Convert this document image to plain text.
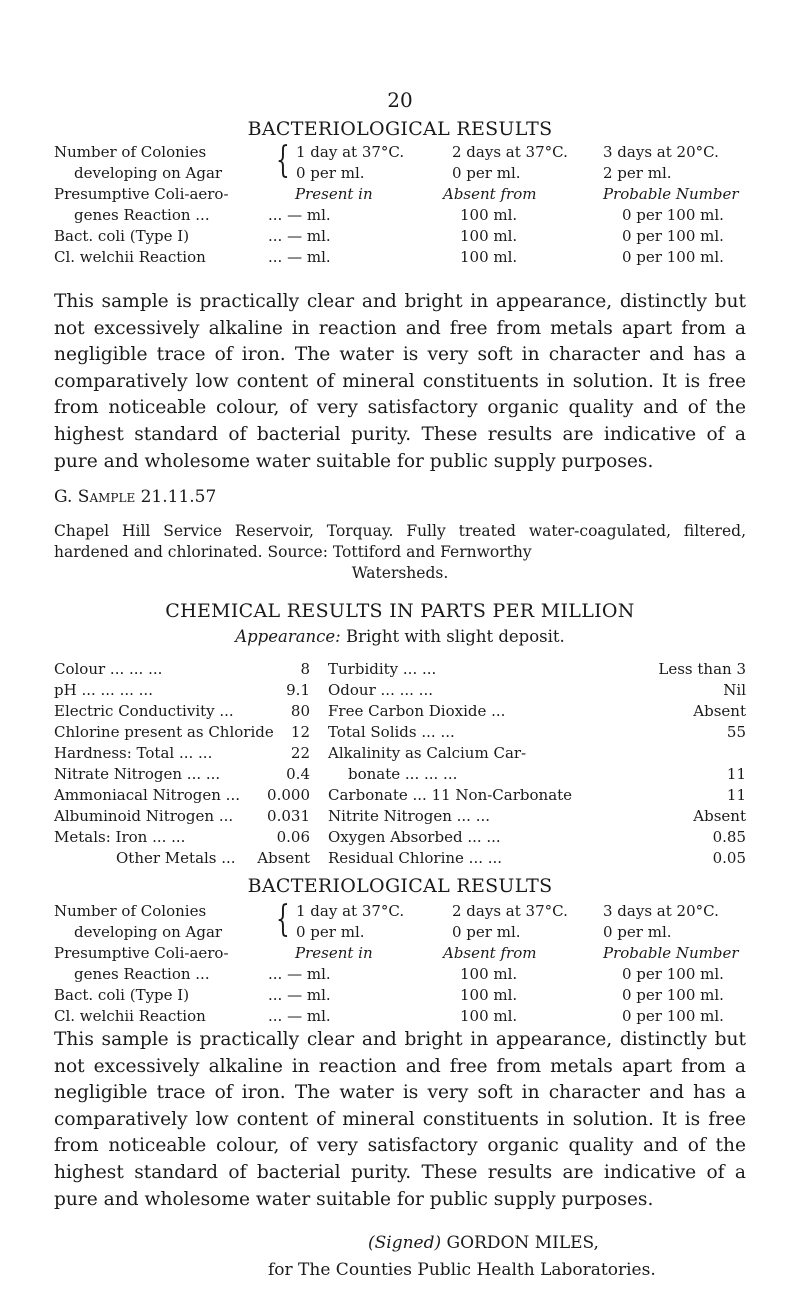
20
BACTERIOLOGICAL RESULTS
{
Number of Colonies	1 day at 37°C.	2 days at 37°C. 3 days at 20°C.
developing on Agar	0 per ml.	0 per ml.	2 per ml.
Presumptive Coli-aero-	Present in	Absent from	Probable Number
genes Reaction ...	... — ml.	100 ml.	0 per 100 ml.
Bact. coli (Type I)	... — ml.	100 ml.	0 per 100 ml.
Cl. welchii Reaction	... — ml.	100 ml.	0 per 100 ml.
This sample is practically clear and bright in appearance, distinctly but not excessively alkaline in reaction and free from metals apart from a negligible trace of iron. The water is very soft in character and has a comparatively low content of mineral constituents in solution. It is free from noticeable colour, of very satisfactory organic quality and of the highest standard of bacterial purity. These results are indicative of a pure and wholesome water suitable for public supply purposes.
G. Sample 21.11.57
Chapel Hill Service Reservoir, Torquay. Fully treated water-coagulated, filtered, hardened and chlorinated. Source: Tottiford and Fernworthy
Watersheds.
CHEMICAL RESULTS IN PARTS PER MILLION
Appearance: Bright with slight deposit.
Colour ... ... ...	8
pH ... ... ... ...	9.1
Electric Conductivity ...	80
Chlorine present as Chloride 12
Hardness: Total ... ...	22
Nitrate Nitrogen ... ...	0.4
Ammoniacal Nitrogen ... 0.000
Albuminoid Nitrogen ... 0.031
Metals: Iron ... ...	0.06
Other Metals ... Absent
Turbidity ... ...	Less than 3
Odour ... ... ...	Nil
Free Carbon Dioxide ...	Absent
Total Solids ... ...	55
Alkalinity as Calcium Car-
bonate ... ... ...	11
Carbonate ... 11 Non-Carbonate	11
Nitrite Nitrogen ... ...	Absent
Oxygen Absorbed ... ...	0.85
Residual Chlorine ... ...	0.05
BACTERIOLOGICAL RESULTS
{
Number of Colonies	1 day at 37°C.	2 days at 37°C. 3 days at 20°C.
developing on Agar	0 per ml.	0 per ml.	0 per ml.
Presumptive Coli-aero-	Present in	Absent from	Probable Number
genes Reaction ...	... — ml.	100 ml.	0 per 100 ml.
Bact. coli (Type I)	... — ml.	100 ml.	0 per 100 ml.
Cl. welchii Reaction	... — ml.	100 ml.	0 per 100 ml.
This sample is practically clear and bright in appearance, distinctly but not excessively alkaline in reaction and free from metals apart from a negligible trace of iron. The water is very soft in character and has a comparatively low content of mineral constituents in solution. It is free from noticeable colour, of very satisfactory organic quality and of the highest standard of bacterial purity. These results are indicative of a pure and wholesome water suitable for public supply purposes.
(Signed) GORDON MILES,
for The Counties Public Health Laboratories.
